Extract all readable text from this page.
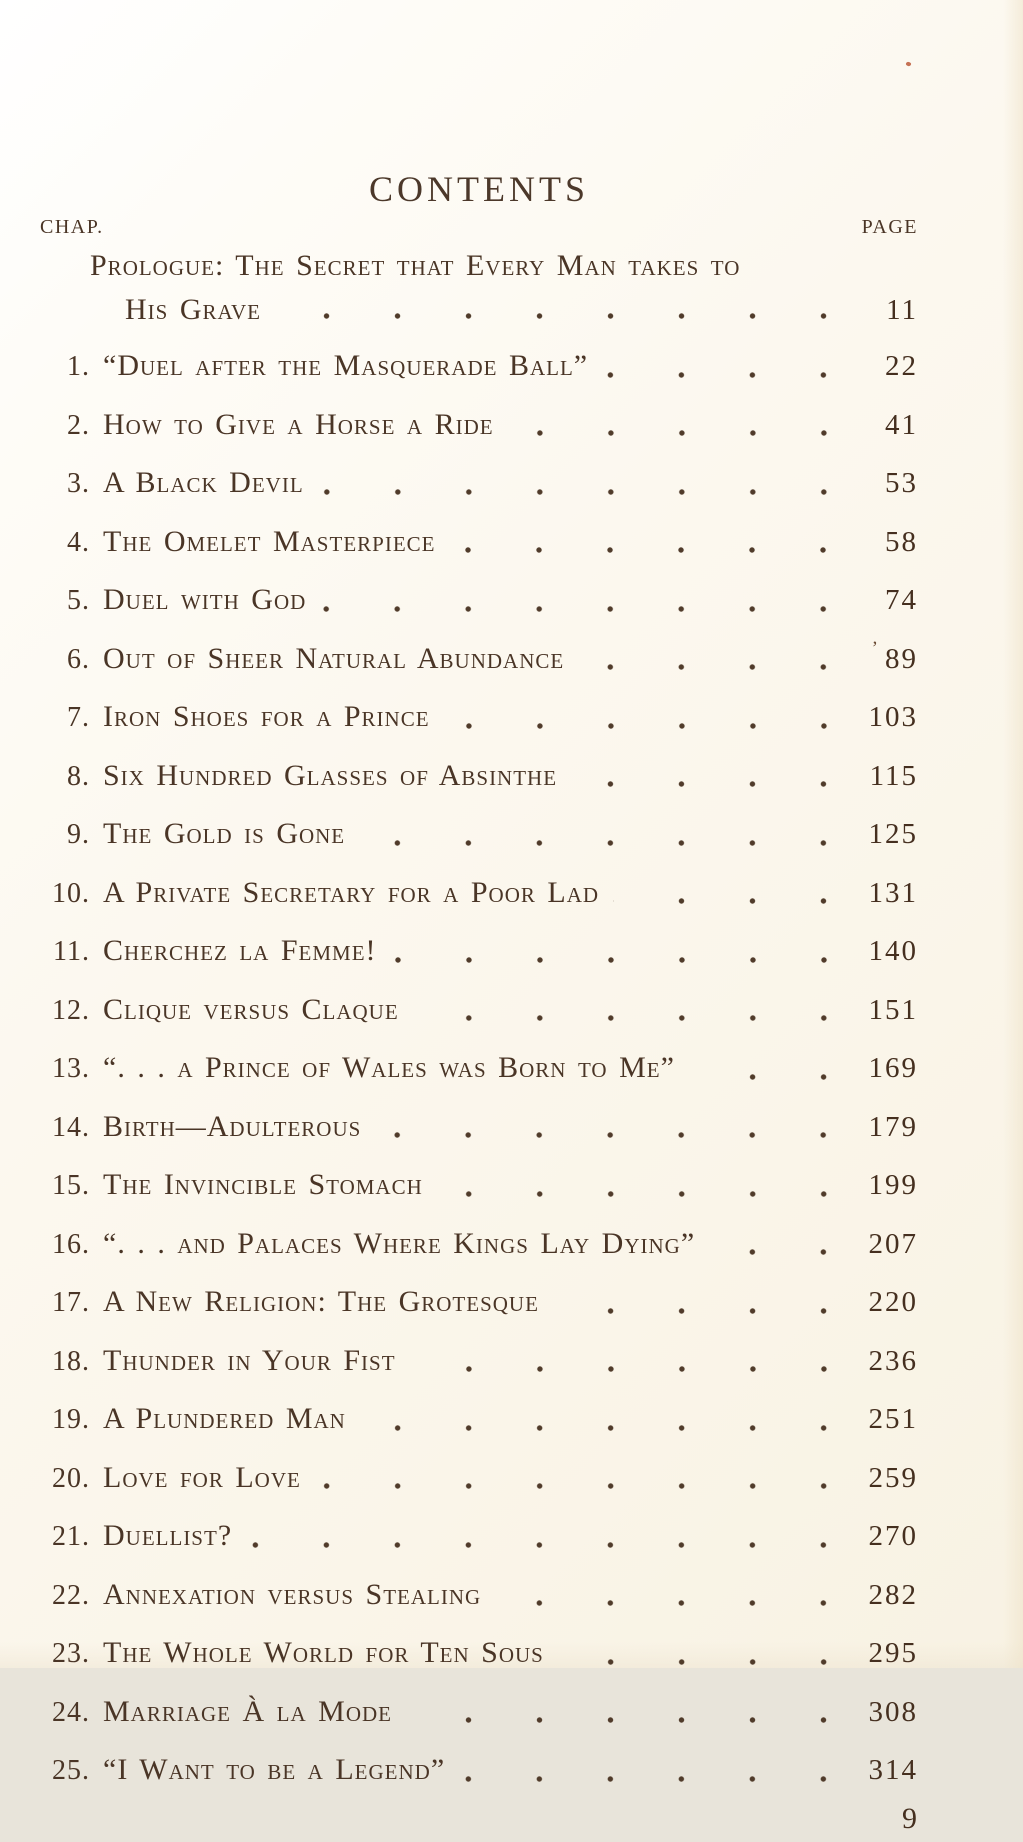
CONTENTS
CHAP.	PAGE
Prologue: The Secret that Every Man takes to
His Grave	11
1. “Duel after the Masquerade Ball”	22
2. How to Give a Horse a Ride	41
3. A Black Devil	53
4. The Omelet Masterpiece	58
5. Duel with God	74
6. Out of Sheer Natural Abundance	’ 89
7. Iron Shoes for a Prince	103
8. Six Hundred Glasses of Absinthe	115
9. The Gold is Gone	125
10. A Private Secretary for a Poor Lad	131
11. Cherchez la Femme!	140
12. Clique versus Claque	151
13. “. . . a Prince of Wales was Born to Me”	169
14. Birth—Adulterous	179
15. The Invincible Stomach	199
16. “. . . and Palaces Where Kings Lay Dying”	207
17. A New Religion: The Grotesque	220
18. Thunder in Your Fist	236
19. A Plundered Man	251
20. Love for Love	259
21. Duellist?	270
22. Annexation versus Stealing	282
23. The Whole World for Ten Sous	295
24. Marriage À la Mode	308
25. “I Want to be a Legend”	314
9
